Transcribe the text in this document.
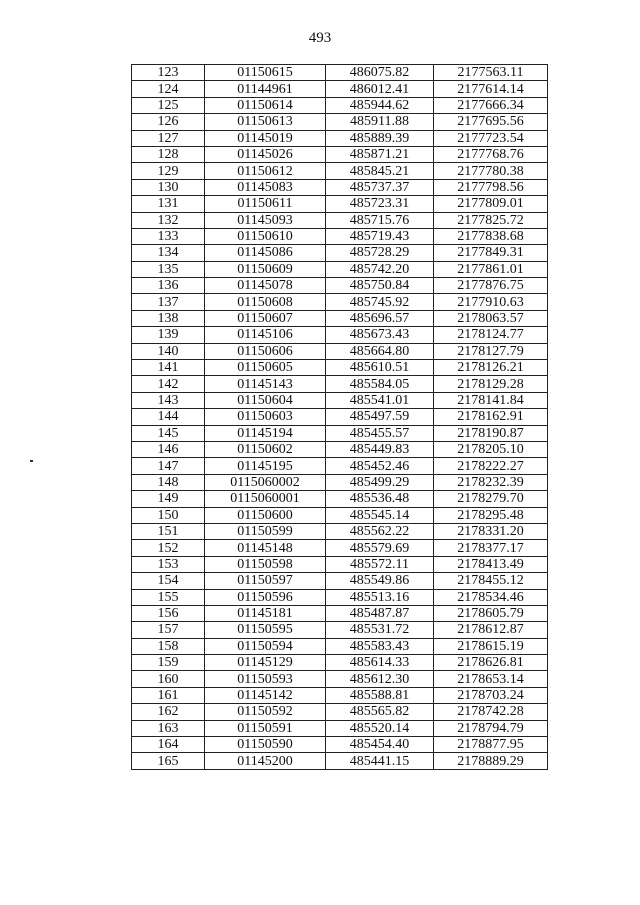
493
123	01150615	486075.82	2177563.11
124	01144961	486012.41	2177614.14
125	01150614	485944.62	2177666.34
126	01150613	485911.88	2177695.56
127	01145019	485889.39	2177723.54
128	01145026	485871.21	2177768.76
129	01150612	485845.21	2177780.38
130	01145083	485737.37	2177798.56
131	01150611	485723.31	2177809.01
132	01145093	485715.76	2177825.72
133	01150610	485719.43	2177838.68
134	01145086	485728.29	2177849.31
135	01150609	485742.20	2177861.01
136	01145078	485750.84	2177876.75
137	01150608	485745.92	2177910.63
138	01150607	485696.57	2178063.57
139	01145106	485673.43	2178124.77
140	01150606	485664.80	2178127.79
141	01150605	485610.51	2178126.21
142	01145143	485584.05	2178129.28
143	01150604	485541.01	2178141.84
144	01150603	485497.59	2178162.91
145	01145194	485455.57	2178190.87
146	01150602	485449.83	2178205.10
147	01145195	485452.46	2178222.27
148	0115060002	485499.29	2178232.39
149	0115060001	485536.48	2178279.70
150	01150600	485545.14	2178295.48
151	01150599	485562.22	2178331.20
152	01145148	485579.69	2178377.17
153	01150598	485572.11	2178413.49
154	01150597	485549.86	2178455.12
155	01150596	485513.16	2178534.46
156	01145181	485487.87	2178605.79
157	01150595	485531.72	2178612.87
158	01150594	485583.43	2178615.19
159	01145129	485614.33	2178626.81
160	01150593	485612.30	2178653.14
161	01145142	485588.81	2178703.24
162	01150592	485565.82	2178742.28
163	01150591	485520.14	2178794.79
164	01150590	485454.40	2178877.95
165	01145200	485441.15	2178889.29
